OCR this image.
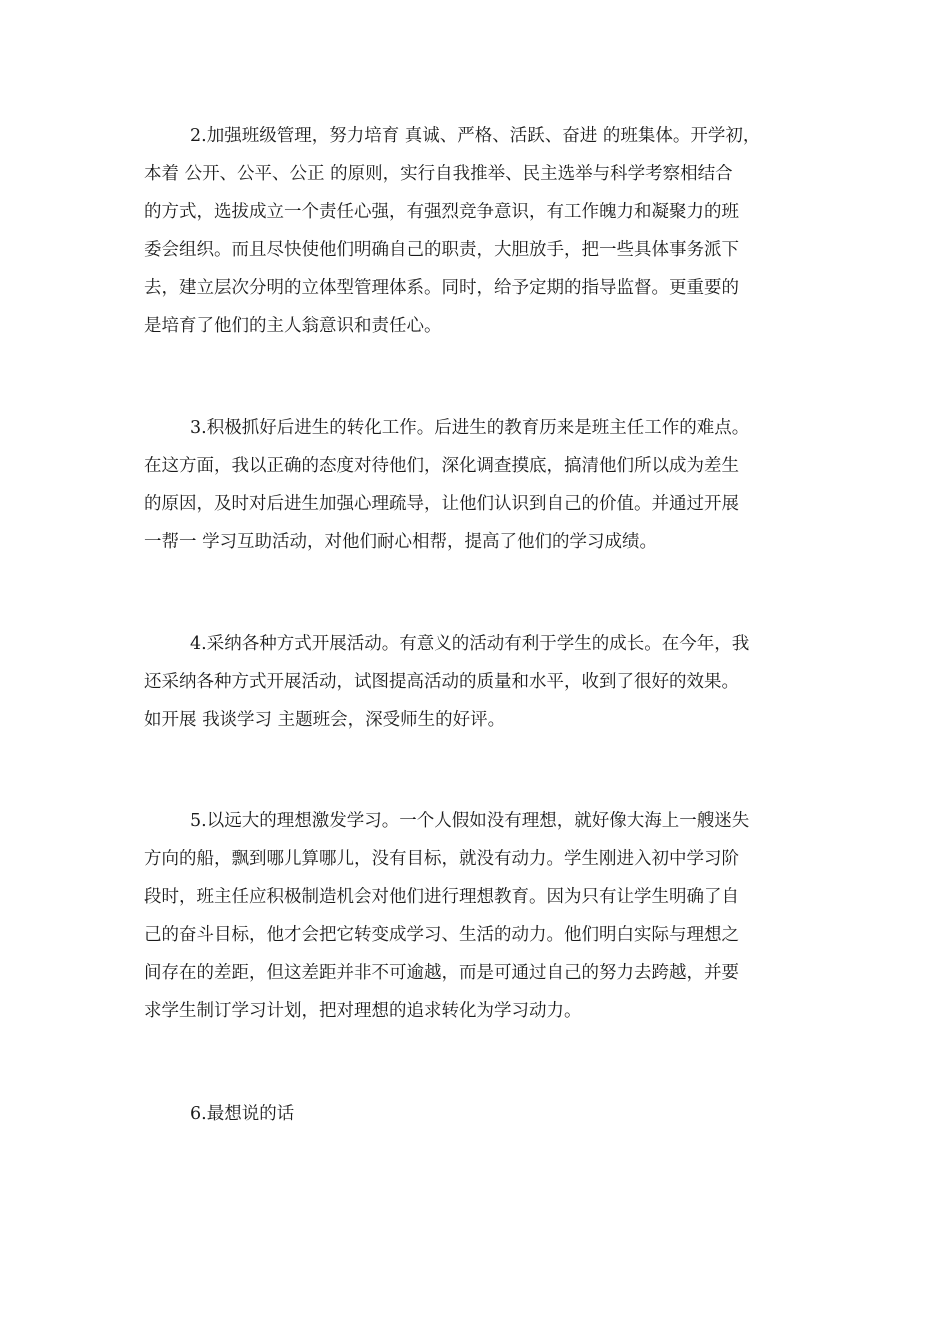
2.加强班级管理，努力培育 真诚、严格、活跃、奋进 的班集体。开学初，
本着 公开、公平、公正 的原则，实行自我推举、民主选举与科学考察相结合
的方式，选拔成立一个责任心强，有强烈竞争意识，有工作魄力和凝聚力的班
委会组织。而且尽快使他们明确自己的职责，大胆放手，把一些具体事务派下
去，建立层次分明的立体型管理体系。同时，给予定期的指导监督。更重要的
是培育了他们的主人翁意识和责任心。
3.积极抓好后进生的转化工作。后进生的教育历来是班主任工作的难点。
在这方面，我以正确的态度对待他们，深化调查摸底，搞清他们所以成为差生
的原因，及时对后进生加强心理疏导，让他们认识到自己的价值。并通过开展
一帮一 学习互助活动，对他们耐心相帮，提高了他们的学习成绩。
4.采纳各种方式开展活动。有意义的活动有利于学生的成长。在今年，我
还采纳各种方式开展活动，试图提高活动的质量和水平，收到了很好的效果。
如开展 我谈学习 主题班会，深受师生的好评。
5.以远大的理想激发学习。一个人假如没有理想，就好像大海上一艘迷失
方向的船，飘到哪儿算哪儿，没有目标，就没有动力。学生刚进入初中学习阶
段时，班主任应积极制造机会对他们进行理想教育。因为只有让学生明确了自
己的奋斗目标，他才会把它转变成学习、生活的动力。他们明白实际与理想之
间存在的差距，但这差距并非不可逾越，而是可通过自己的努力去跨越，并要
求学生制订学习计划，把对理想的追求转化为学习动力。
6.最想说的话
